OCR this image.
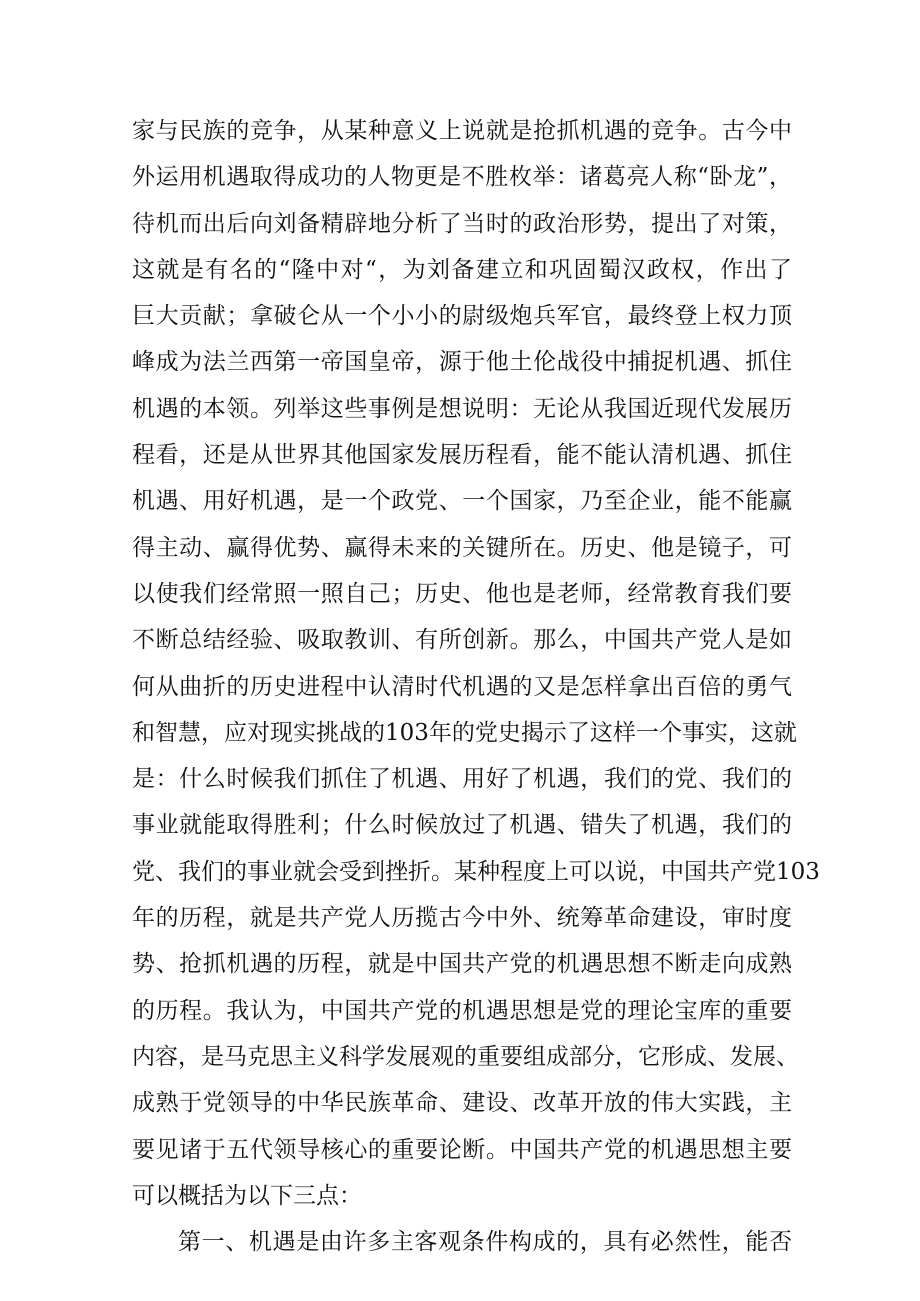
家与民族的竞争，从某种意义上说就是抢抓机遇的竞争。古今中
外运用机遇取得成功的人物更是不胜枚举：诸葛亮人称“卧龙”，
待机而出后向刘备精辟地分析了当时的政治形势，提出了对策，
这就是有名的“隆中对“，为刘备建立和巩固蜀汉政权，作出了
巨大贡献；拿破仑从一个小小的尉级炮兵军官，最终登上权力顶
峰成为法兰西第一帝国皇帝，源于他土伦战役中捕捉机遇、抓住
机遇的本领。列举这些事例是想说明：无论从我国近现代发展历
程看，还是从世界其他国家发展历程看，能不能认清机遇、抓住
机遇、用好机遇，是一个政党、一个国家，乃至企业，能不能赢
得主动、赢得优势、赢得未来的关键所在。历史、他是镜子，可
以使我们经常照一照自己；历史、他也是老师，经常教育我们要
不断总结经验、吸取教训、有所创新。那么，中国共产党人是如
何从曲折的历史进程中认清时代机遇的又是怎样拿出百倍的勇气
和智慧，应对现实挑战的103年的党史揭示了这样一个事实，这就
是：什么时候我们抓住了机遇、用好了机遇，我们的党、我们的
事业就能取得胜利；什么时候放过了机遇、错失了机遇，我们的
党、我们的事业就会受到挫折。某种程度上可以说，中国共产党103
年的历程，就是共产党人历揽古今中外、统筹革命建设，审时度
势、抢抓机遇的历程，就是中国共产党的机遇思想不断走向成熟
的历程。我认为，中国共产党的机遇思想是党的理论宝库的重要
内容，是马克思主义科学发展观的重要组成部分，它形成、发展、
成熟于党领导的中华民族革命、建设、改革开放的伟大实践，主
要见诸于五代领导核心的重要论断。中国共产党的机遇思想主要
可以概括为以下三点：
第一、机遇是由许多主客观条件构成的，具有必然性，能否
